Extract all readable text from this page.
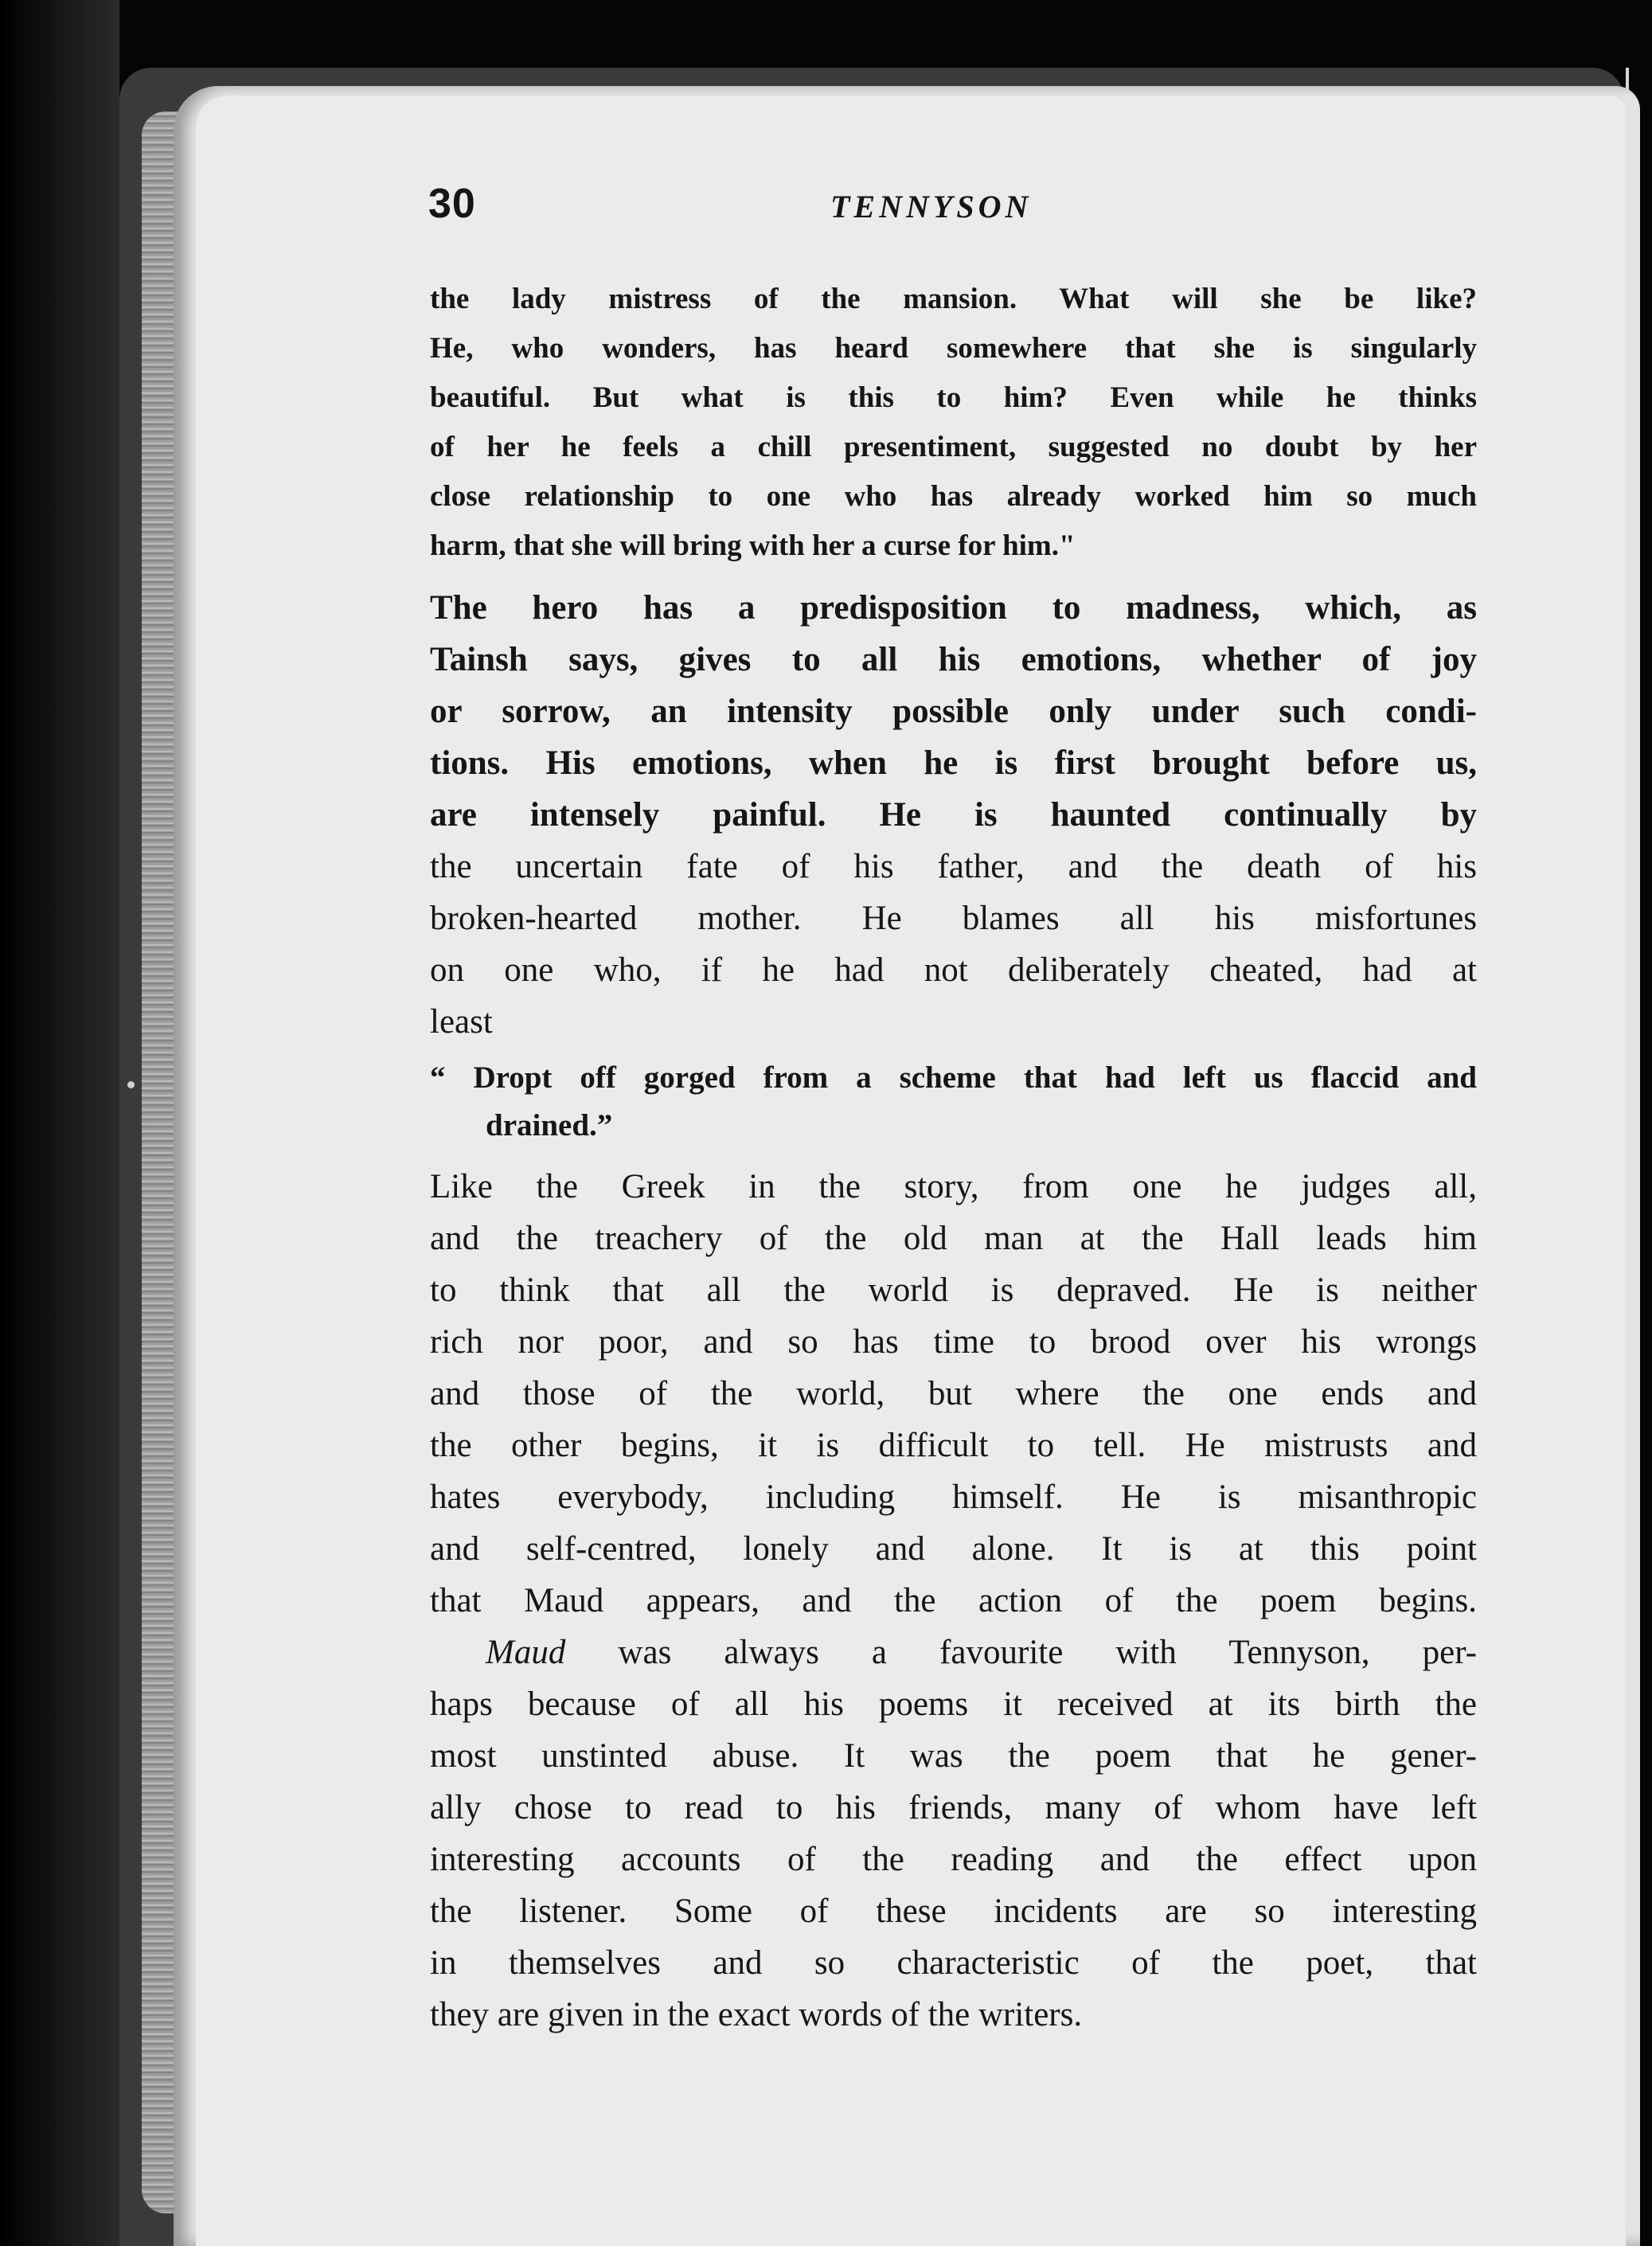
30	TENNYSON
the lady mistress of the mansion. What will she be like?
He, who wonders, has heard somewhere that she is singularly
beautiful. But what is this to him? Even while he thinks
of her he feels a chill presentiment, suggested no doubt by her
close relationship to one who has already worked him so much
harm, that she will bring with her a curse for him."
The hero has a predisposition to madness, which, as
Tainsh says, gives to all his emotions, whether of joy
or sorrow, an intensity possible only under such condi-
tions. His emotions, when he is first brought before us,
are intensely painful. He is haunted continually by
the uncertain fate of his father, and the death of his
broken-hearted mother. He blames all his misfortunes
on one who, if he had not deliberately cheated, had at
least
“ Dropt off gorged from a scheme that had left us flaccid and
drained.”
Like the Greek in the story, from one he judges all,
and the treachery of the old man at the Hall leads him
to think that all the world is depraved. He is neither
rich nor poor, and so has time to brood over his wrongs
and those of the world, but where the one ends and
the other begins, it is difficult to tell. He mistrusts and
hates everybody, including himself. He is misanthropic
and self-centred, lonely and alone. It is at this point
that Maud appears, and the action of the poem begins.
Maud was always a favourite with Tennyson, per-
haps because of all his poems it received at its birth the
most unstinted abuse. It was the poem that he gener-
ally chose to read to his friends, many of whom have left
interesting accounts of the reading and the effect upon
the listener. Some of these incidents are so interesting
in themselves and so characteristic of the poet, that
they are given in the exact words of the writers.
